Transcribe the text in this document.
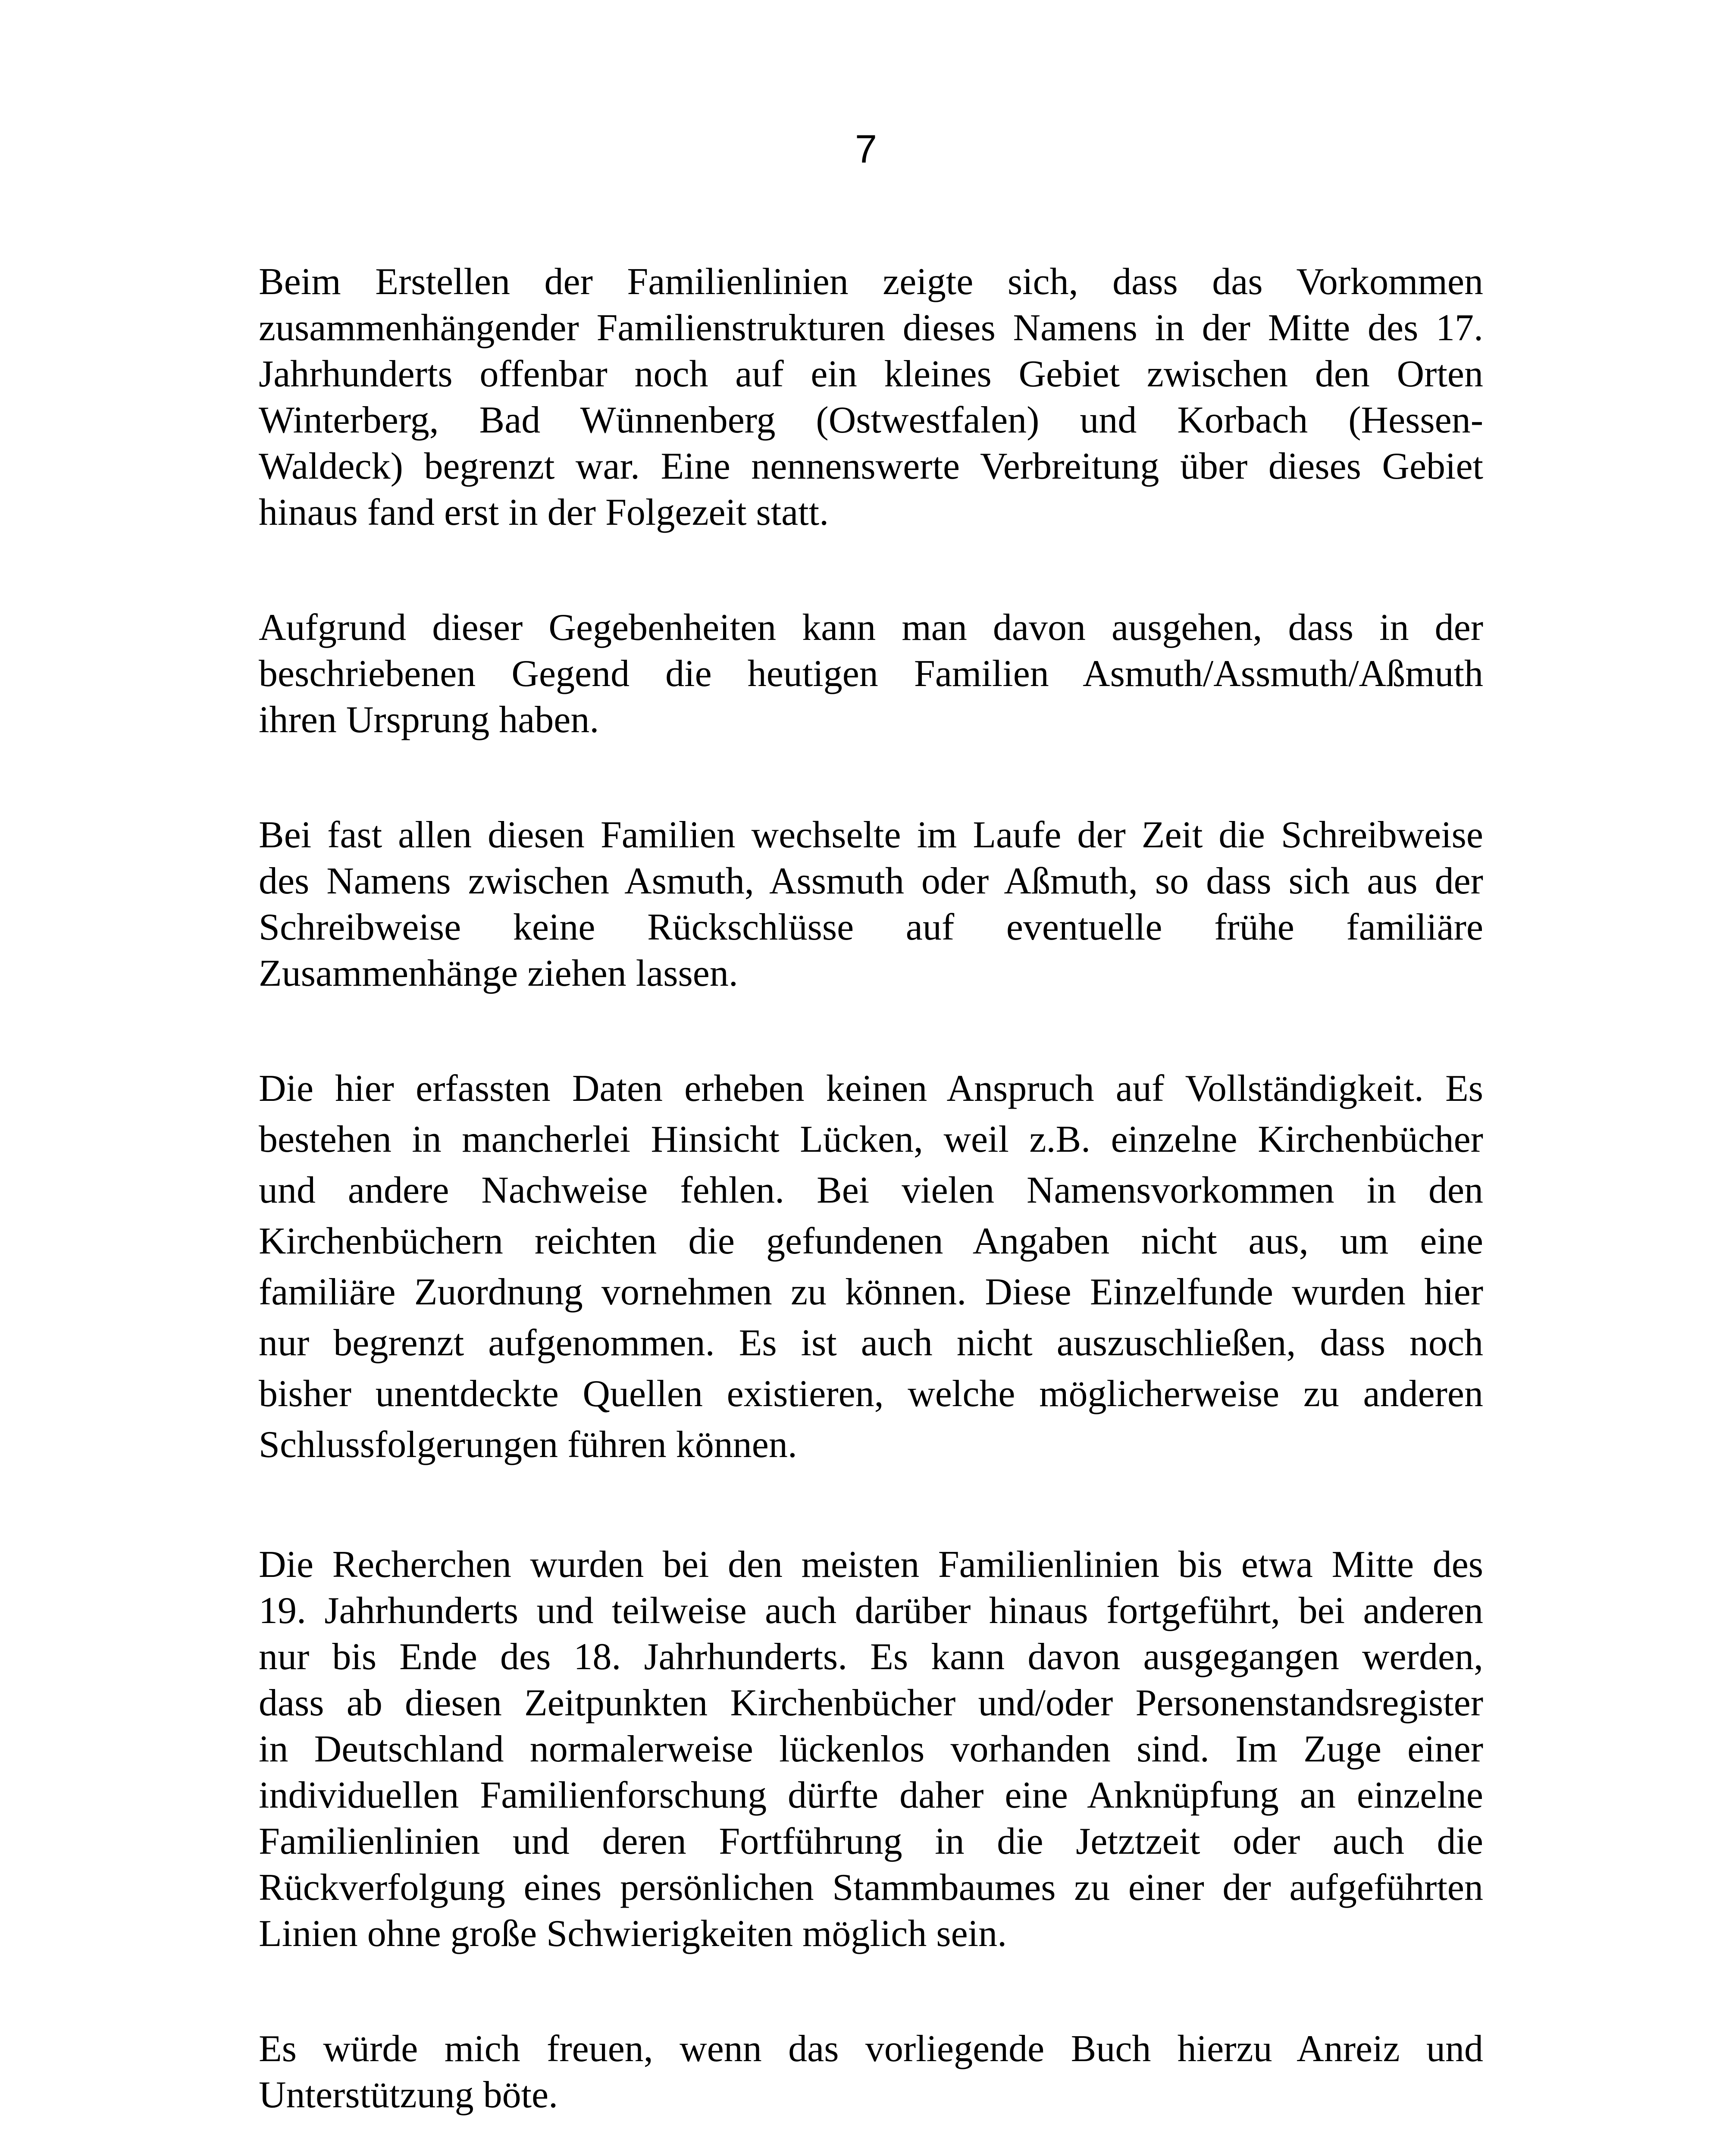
7
Beim Erstellen der Familienlinien zeigte sich, dass das Vorkommen
zusammenhängender Familienstrukturen dieses Namens in der Mitte des 17.
Jahrhunderts offenbar noch auf ein kleines Gebiet zwischen den Orten
Winterberg, Bad Wünnenberg (Ostwestfalen) und Korbach (Hessen-
Waldeck) begrenzt war. Eine nennenswerte Verbreitung über dieses Gebiet
hinaus fand erst in der Folgezeit statt.
Aufgrund dieser Gegebenheiten kann man davon ausgehen, dass in der
beschriebenen Gegend die heutigen Familien Asmuth/Assmuth/Aßmuth
ihren Ursprung haben.
Bei fast allen diesen Familien wechselte im Laufe der Zeit die Schreibweise
des Namens zwischen Asmuth, Assmuth oder Aßmuth, so dass sich aus der
Schreibweise keine Rückschlüsse auf eventuelle frühe familiäre
Zusammenhänge ziehen lassen.
Die hier erfassten Daten erheben keinen Anspruch auf Vollständigkeit. Es
bestehen in mancherlei Hinsicht Lücken, weil z.B. einzelne Kirchenbücher
und andere Nachweise fehlen. Bei vielen Namensvorkommen in den
Kirchenbüchern reichten die gefundenen Angaben nicht aus, um eine
familiäre Zuordnung vornehmen zu können. Diese Einzelfunde wurden hier
nur begrenzt aufgenommen. Es ist auch nicht auszuschließen, dass noch
bisher unentdeckte Quellen existieren, welche möglicherweise zu anderen
Schlussfolgerungen führen können.
Die Recherchen wurden bei den meisten Familienlinien bis etwa Mitte des
19. Jahrhunderts und teilweise auch darüber hinaus fortgeführt, bei anderen
nur bis Ende des 18. Jahrhunderts. Es kann davon ausgegangen werden,
dass ab diesen Zeitpunkten Kirchenbücher und/oder Personenstandsregister
in Deutschland normalerweise lückenlos vorhanden sind. Im Zuge einer
individuellen Familienforschung dürfte daher eine Anknüpfung an einzelne
Familienlinien und deren Fortführung in die Jetztzeit oder auch die
Rückverfolgung eines persönlichen Stammbaumes zu einer der aufgeführten
Linien ohne große Schwierigkeiten möglich sein.
Es würde mich freuen, wenn das vorliegende Buch hierzu Anreiz und
Unterstützung böte.
